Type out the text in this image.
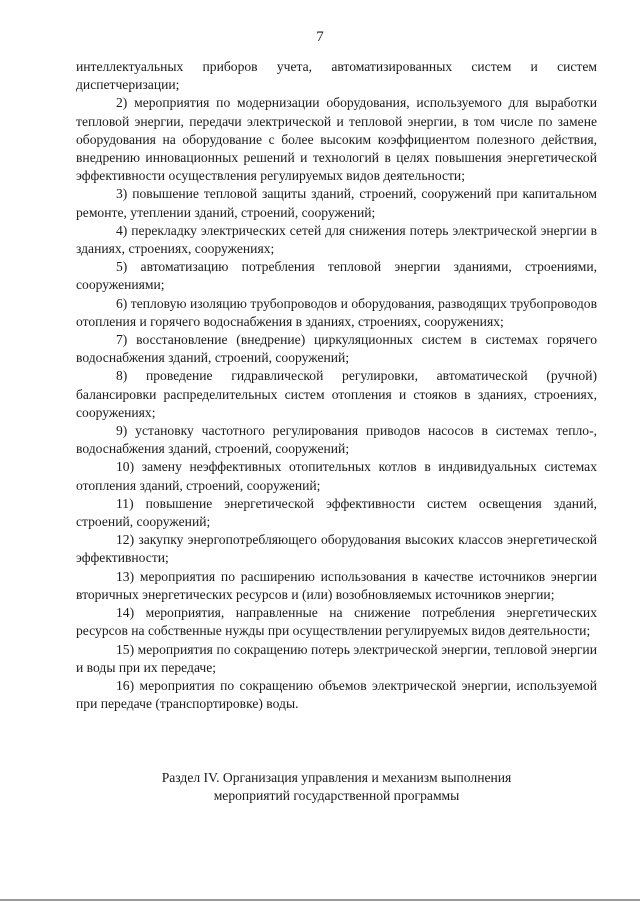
7

интеллектуальных приборов учета, автоматизированных систем и систем диспетчеризации;

2) мероприятия по модернизации оборудования, используемого для выработки тепловой энергии, передачи электрической и тепловой энергии, в том числе по замене оборудования на оборудование с более высоким коэффициентом полезного действия, внедрению инновационных решений и технологий в целях повышения энергетической эффективности осуществления регулируемых видов деятельности;

3) повышение тепловой защиты зданий, строений, сооружений при капитальном ремонте, утеплении зданий, строений, сооружений;

4) перекладку электрических сетей для снижения потерь электрической энергии в зданиях, строениях, сооружениях;

5) автоматизацию потребления тепловой энергии зданиями, строениями, сооружениями;

6) тепловую изоляцию трубопроводов и оборудования, разводящих трубопроводов отопления и горячего водоснабжения в зданиях, строениях, сооружениях;

7) восстановление (внедрение) циркуляционных систем в системах горячего водоснабжения зданий, строений, сооружений;

8) проведение гидравлической регулировки, автоматической (ручной) балансировки распределительных систем отопления и стояков в зданиях, строениях, сооружениях;

9) установку частотного регулирования приводов насосов в системах тепло-, водоснабжения зданий, строений, сооружений;

10) замену неэффективных отопительных котлов в индивидуальных системах отопления зданий, строений, сооружений;

11) повышение энергетической эффективности систем освещения зданий, строений, сооружений;

12) закупку энергопотребляющего оборудования высоких классов энергетической эффективности;

13) мероприятия по расширению использования в качестве источников энергии вторичных энергетических ресурсов и (или) возобновляемых источников энергии;

14) мероприятия, направленные на снижение потребления энергетических ресурсов на собственные нужды при осуществлении регулируемых видов деятельности;

15) мероприятия по сокращению потерь электрической энергии, тепловой энергии и воды при их передаче;

16) мероприятия по сокращению объемов электрической энергии, используемой при передаче (транспортировке) воды.

Раздел IV. Организация управления и механизм выполнения
мероприятий государственной программы
